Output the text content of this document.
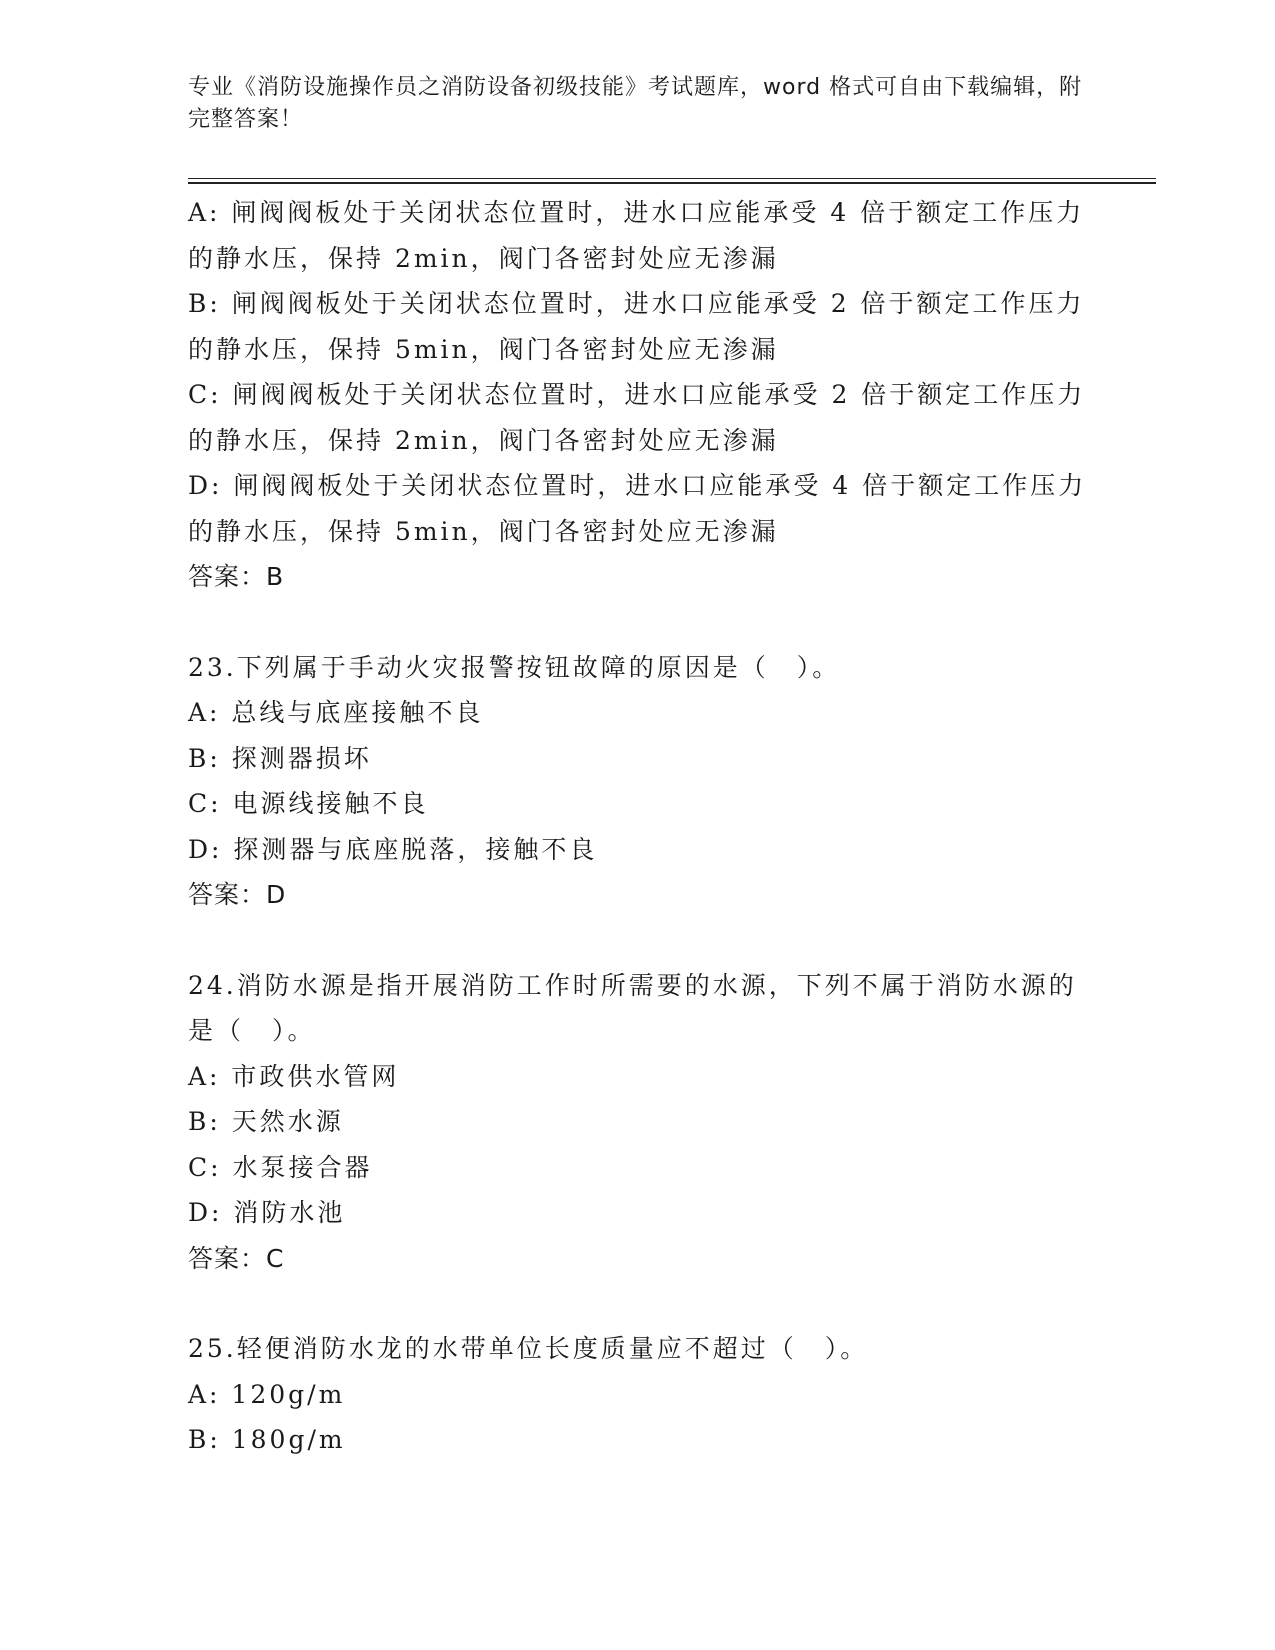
专业《消防设施操作员之消防设备初级技能》考试题库，word 格式可自由下载编辑，附完整答案！
A: 闸阀阀板处于关闭状态位置时，进水口应能承受 4 倍于额定工作压力的静水压，保持 2min，阀门各密封处应无渗漏
B: 闸阀阀板处于关闭状态位置时，进水口应能承受 2 倍于额定工作压力的静水压，保持 5min，阀门各密封处应无渗漏
C: 闸阀阀板处于关闭状态位置时，进水口应能承受 2 倍于额定工作压力的静水压，保持 2min，阀门各密封处应无渗漏
D: 闸阀阀板处于关闭状态位置时，进水口应能承受 4 倍于额定工作压力的静水压，保持 5min，阀门各密封处应无渗漏
答案：B
23.下列属于手动火灾报警按钮故障的原因是（　）。
A: 总线与底座接触不良
B: 探测器损坏
C: 电源线接触不良
D: 探测器与底座脱落，接触不良
答案：D
24.消防水源是指开展消防工作时所需要的水源，下列不属于消防水源的是（　）。
A: 市政供水管网
B: 天然水源
C: 水泵接合器
D: 消防水池
答案：C
25.轻便消防水龙的水带单位长度质量应不超过（　）。
A: 120g/m
B: 180g/m
